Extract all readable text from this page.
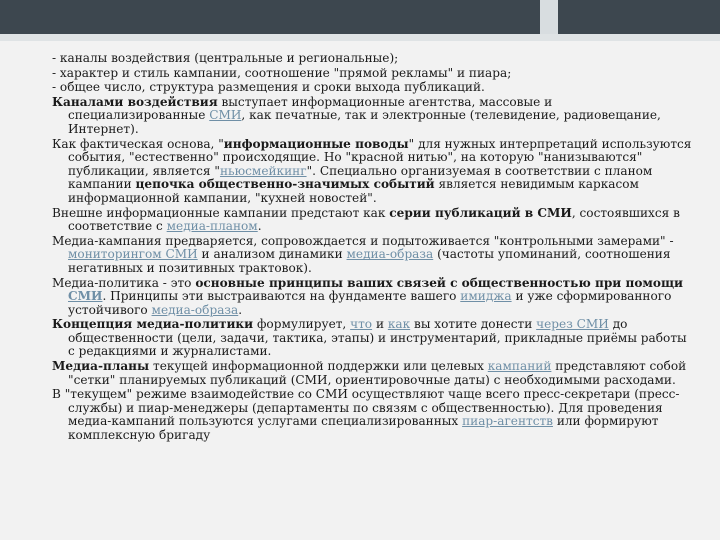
- каналы воздействия (центральные и региональные);

- характер и стиль кампании, соотношение "прямой рекламы" и пиара;

- общее число, структура размещения и сроки выхода публикаций.

Каналами воздействия выступает информационные агентства, массовые и специализированные СМИ, как печатные, так и электронные (телевидение, радиовещание, Интернет).

Как фактическая основа, "информационные поводы" для нужных интерпретаций используются события, "естественно" происходящие. Но "красной нитью", на которую "нанизываются" публикации, является "ньюсмейкинг". Специально организуемая в соответствии с планом кампании цепочка общественно-значимых событий является невидимым каркасом информационной кампании, "кухней новостей".

Внешне информационные кампании предстают как серии публикаций в СМИ, состоявшихся в соответствие с медиа-планом.

Медиа-кампания предваряется, сопровождается и подытоживается "контрольными замерами" - мониторингом СМИ и анализом динамики медиа-образа (частоты упоминаний, соотношения негативных и позитивных трактовок).

Медиа-политика - это основные принципы ваших связей с общественностью при помощи СМИ. Принципы эти выстраиваются на фундаменте вашего имиджа и уже сформированного устойчивого медиа-образа.

Концепция медиа-политики формулирует, что и как вы хотите донести через СМИ до общественности (цели, задачи, тактика, этапы) и инструментарий, прикладные приёмы работы с редакциями и журналистами.

Медиа-планы текущей информационной поддержки или целевых кампаний представляют собой "сетки" планируемых публикаций (СМИ, ориентировочные даты) с необходимыми расходами.

В "текущем" режиме взаимодействие со СМИ осуществляют чаще всего пресс-секретари (пресс-службы) и пиар-менеджеры (департаменты по связям с общественностью). Для проведения медиа-кампаний пользуются услугами специализированных пиар-агентств или формируют комплексную бригаду
